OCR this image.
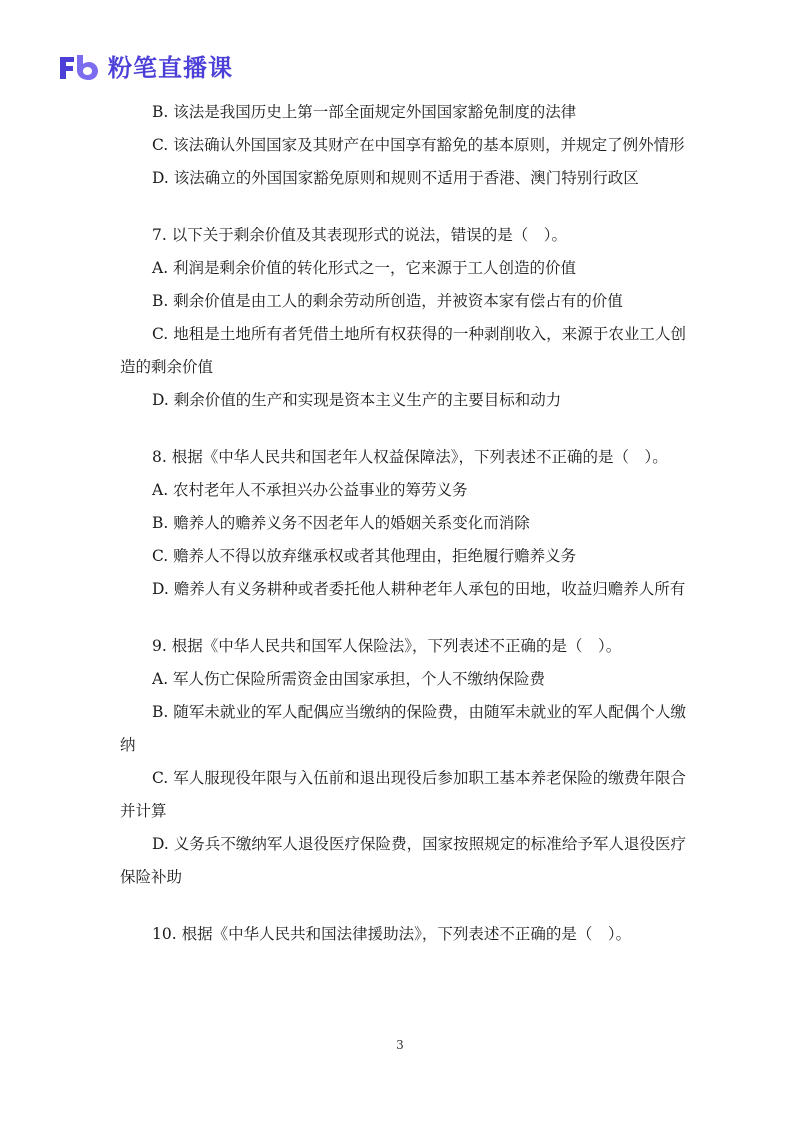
粉笔直播课

B. 该法是我国历史上第一部全面规定外国国家豁免制度的法律

C. 该法确认外国国家及其财产在中国享有豁免的基本原则，并规定了例外情形

D. 该法确立的外国国家豁免原则和规则不适用于香港、澳门特别行政区

7. 以下关于剩余价值及其表现形式的说法，错误的是（　）。

A. 利润是剩余价值的转化形式之一，它来源于工人创造的价值

B. 剩余价值是由工人的剩余劳动所创造，并被资本家有偿占有的价值

C. 地租是土地所有者凭借土地所有权获得的一种剥削收入，来源于农业工人创造的剩余价值

D. 剩余价值的生产和实现是资本主义生产的主要目标和动力

8. 根据《中华人民共和国老年人权益保障法》，下列表述不正确的是（　）。

A. 农村老年人不承担兴办公益事业的筹劳义务

B. 赡养人的赡养义务不因老年人的婚姻关系变化而消除

C. 赡养人不得以放弃继承权或者其他理由，拒绝履行赡养义务

D. 赡养人有义务耕种或者委托他人耕种老年人承包的田地，收益归赡养人所有

9. 根据《中华人民共和国军人保险法》，下列表述不正确的是（　）。

A. 军人伤亡保险所需资金由国家承担，个人不缴纳保险费

B. 随军未就业的军人配偶应当缴纳的保险费，由随军未就业的军人配偶个人缴纳

C. 军人服现役年限与入伍前和退出现役后参加职工基本养老保险的缴费年限合并计算

D. 义务兵不缴纳军人退役医疗保险费，国家按照规定的标准给予军人退役医疗保险补助

10. 根据《中华人民共和国法律援助法》，下列表述不正确的是（　）。

3
